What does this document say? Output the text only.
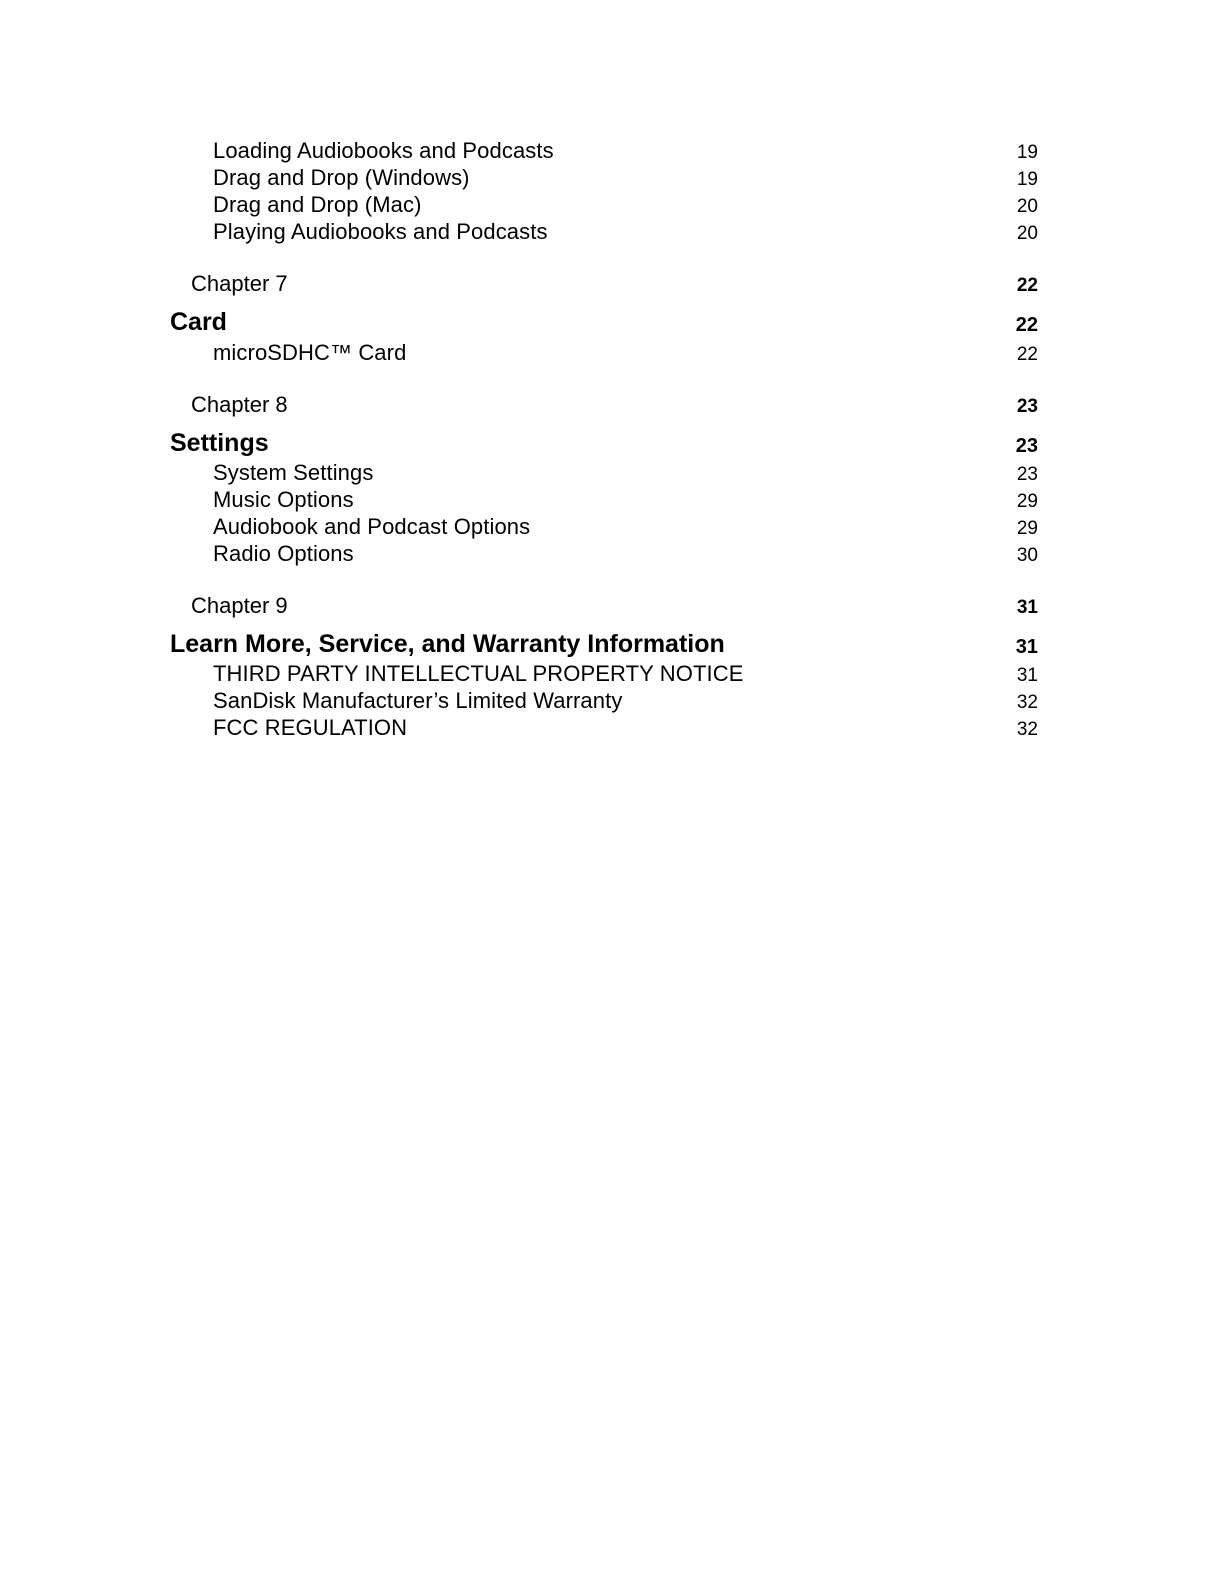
Loading Audiobooks and Podcasts	19
Drag and Drop (Windows)	19
Drag and Drop (Mac)	20
Playing Audiobooks and Podcasts	20
Chapter 7	22
Card	22
microSDHC™ Card	22
Chapter 8	23
Settings	23
System Settings	23
Music Options	29
Audiobook and Podcast Options	29
Radio Options	30
Chapter 9	31
Learn More, Service, and Warranty Information	31
THIRD PARTY INTELLECTUAL PROPERTY NOTICE	31
SanDisk Manufacturer’s Limited Warranty	32
FCC REGULATION	32
